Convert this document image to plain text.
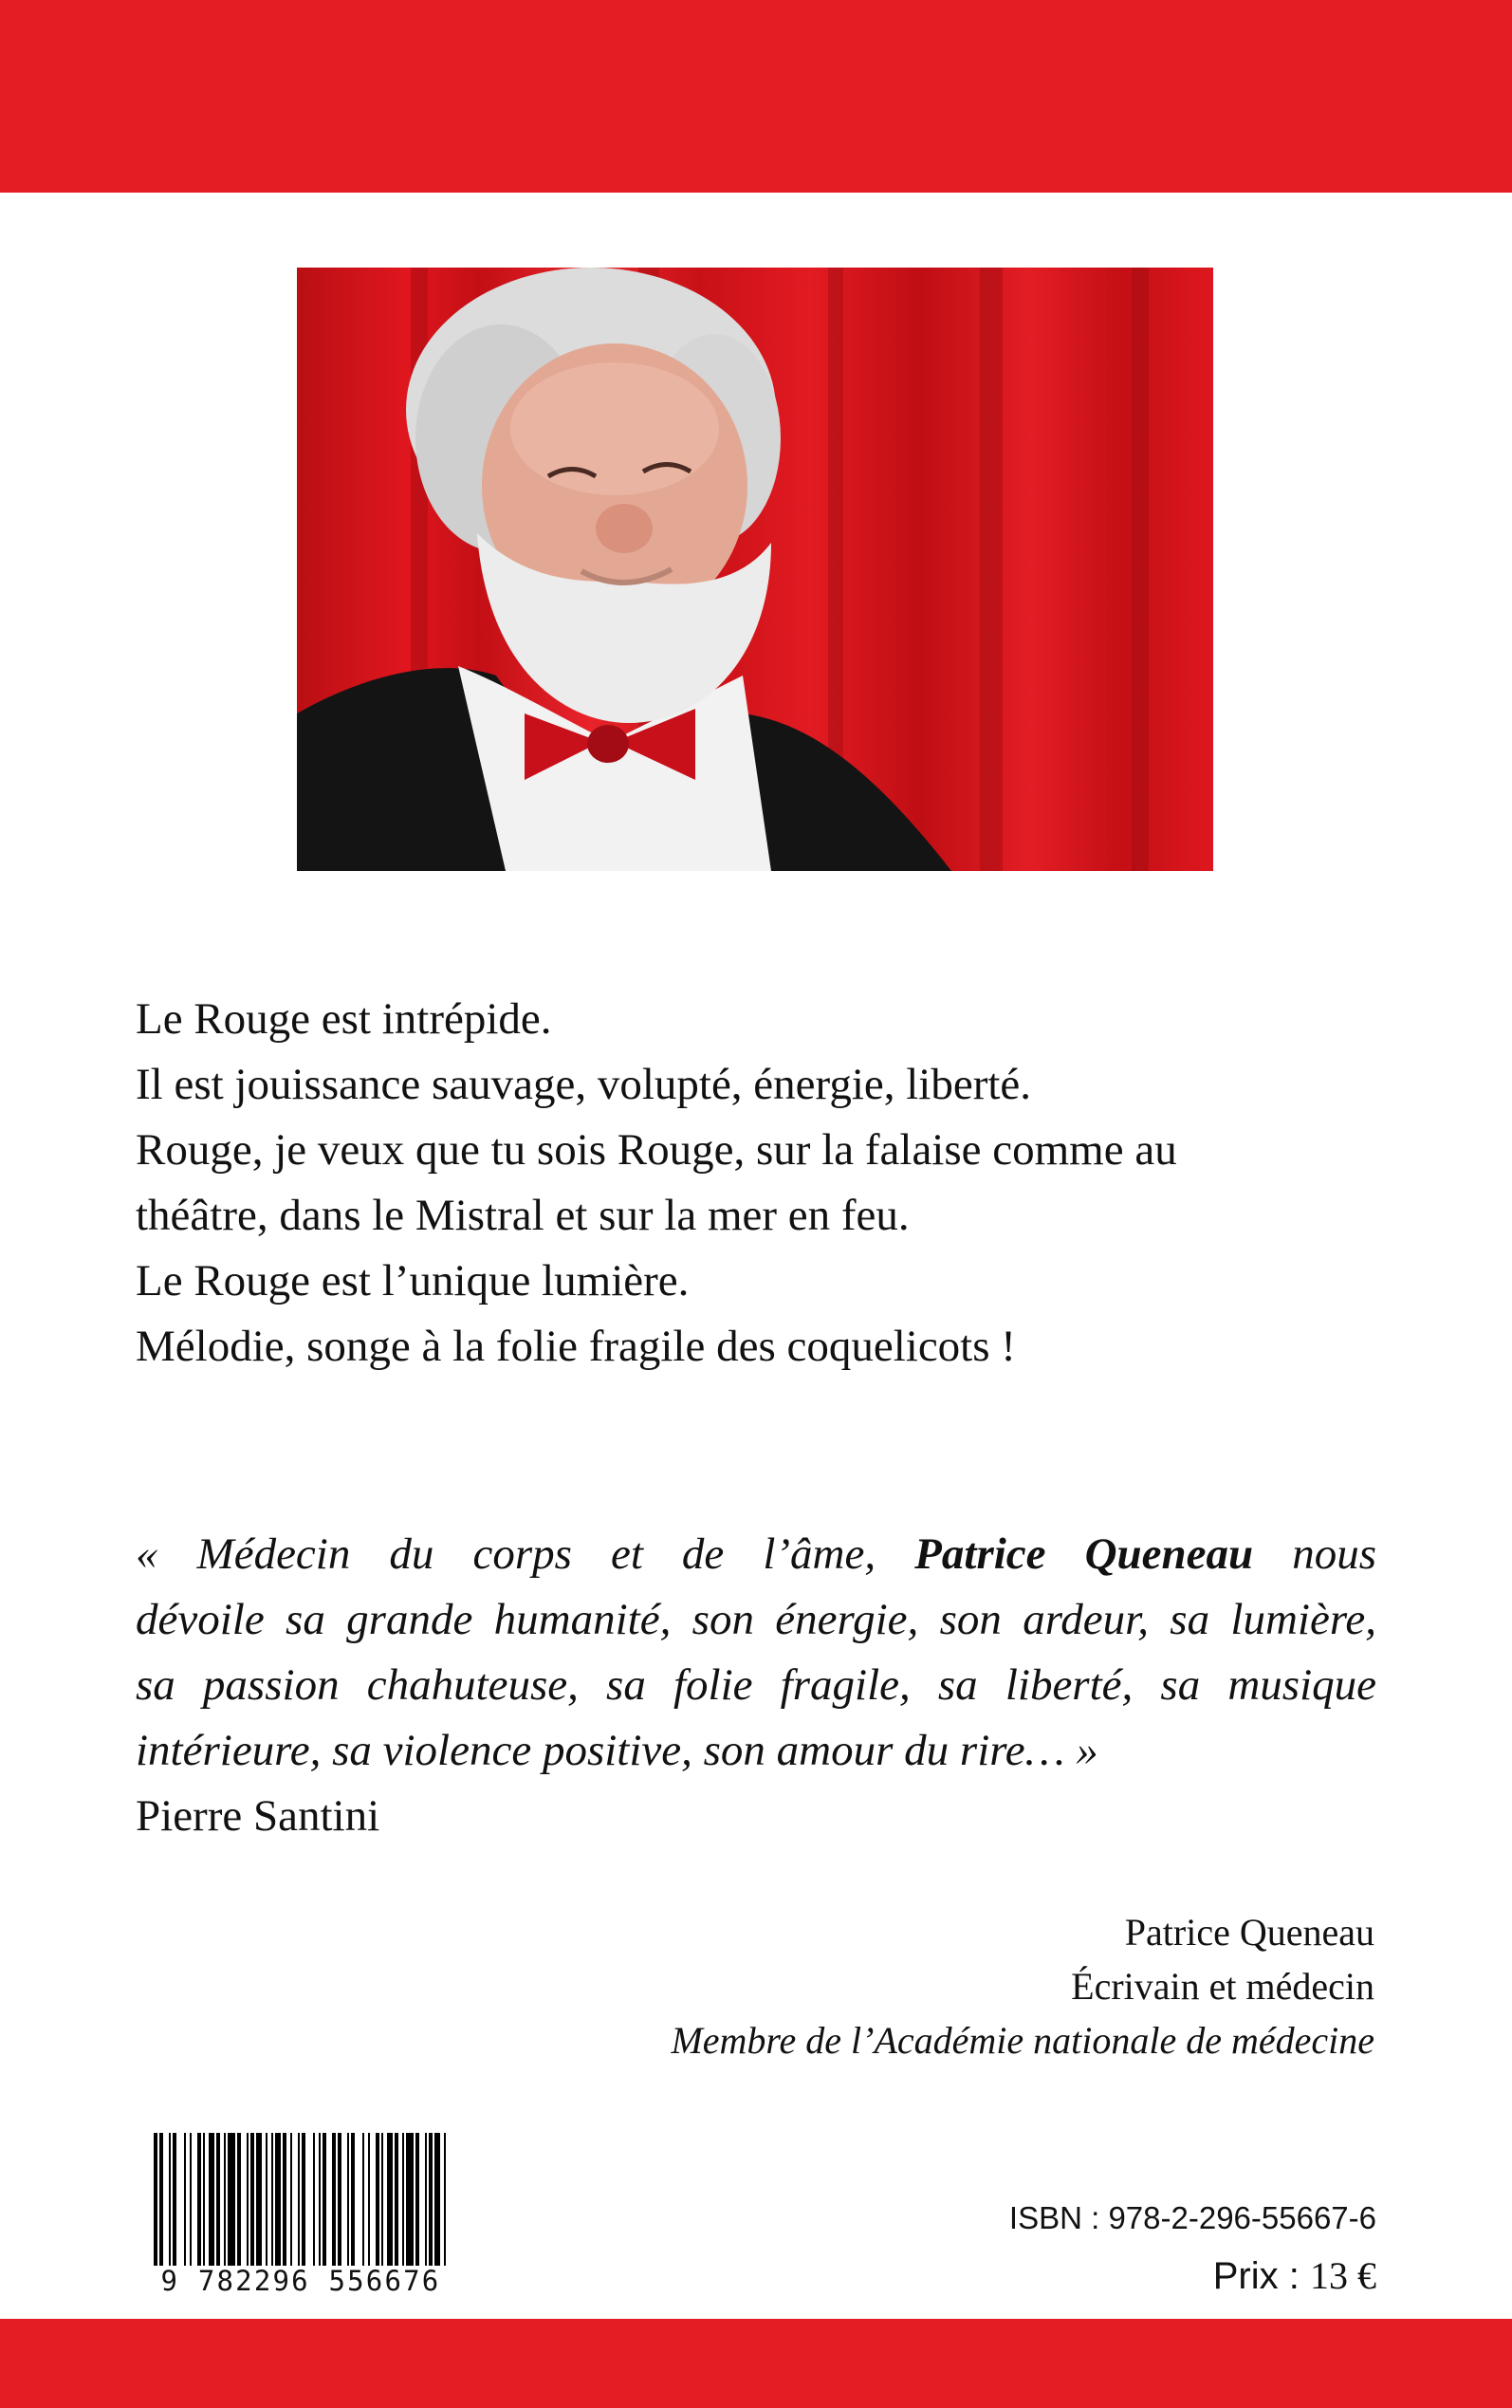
Le Rouge est intrépide.
Il est jouissance sauvage, volupté, énergie, liberté.
Rouge, je veux que tu sois Rouge, sur la falaise comme au
théâtre, dans le Mistral et sur la mer en feu.
Le Rouge est l’unique lumière.
Mélodie, songe à la folie fragile des coquelicots !
« Médecin du corps et de l’âme, Patrice Queneau nous
dévoile sa grande humanité, son énergie, son ardeur, sa lumière,
sa passion chahuteuse, sa folie fragile, sa liberté, sa musique
intérieure, sa violence positive, son amour du rire… »
Pierre Santini
Patrice Queneau
Écrivain et médecin
Membre de l’Académie nationale de médecine
9 782296 556676
ISBN : 978-2-296-55667-6
Prix : 13 €
